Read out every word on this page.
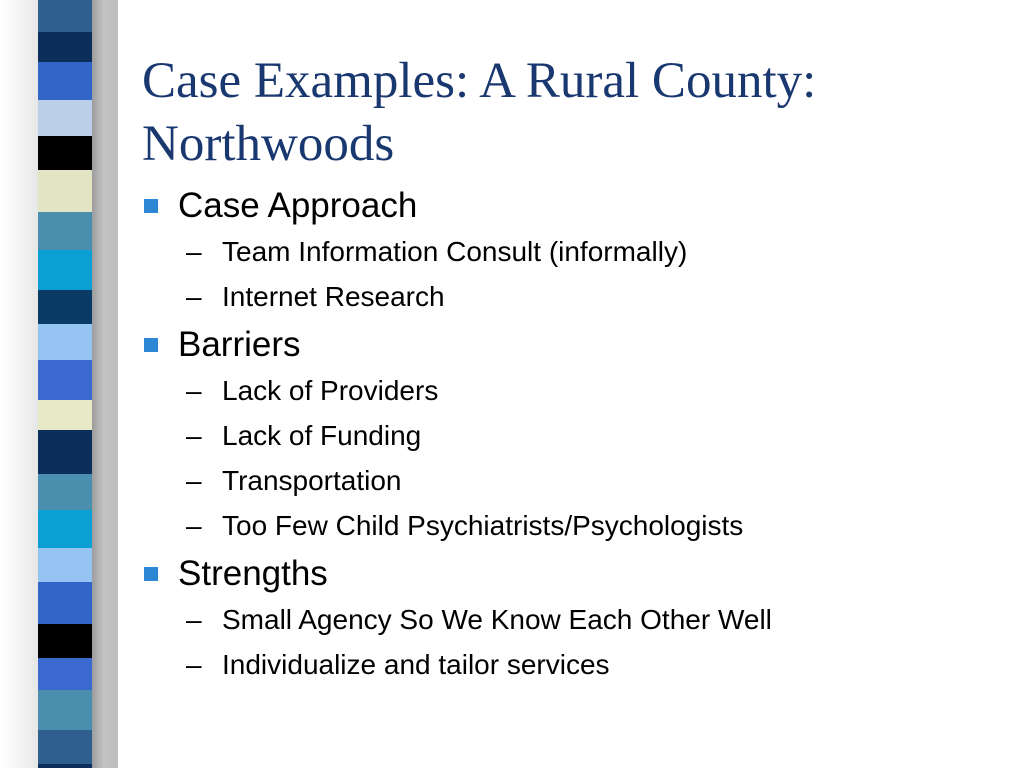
Case Examples: A Rural County:
Northwoods
Case Approach
– Team Information Consult (informally)
– Internet Research
Barriers
– Lack of Providers
– Lack of Funding
– Transportation
– Too Few Child Psychiatrists/Psychologists
Strengths
– Small Agency So We Know Each Other Well
– Individualize and tailor services
